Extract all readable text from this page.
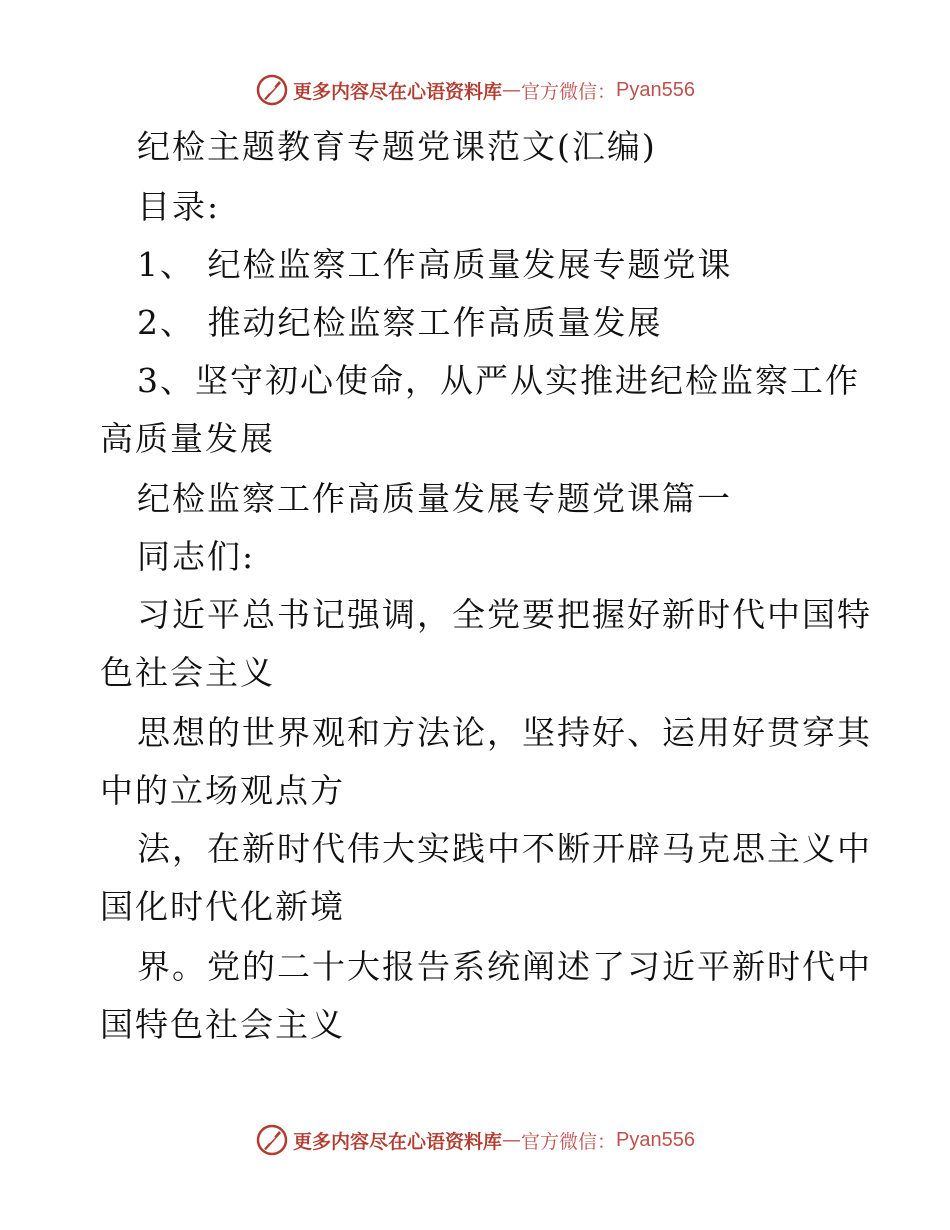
更多内容尽在心语资料库 — 官方微信： Pyan556
纪检主题教育专题党课范文(汇编)
目录:
1、 纪检监察工作高质量发展专题党课
2、 推动纪检监察工作高质量发展
3、坚守初心使命，从严从实推进纪检监察工作
高质量发展
纪检监察工作高质量发展专题党课篇一
同志们:
习近平总书记强调，全党要把握好新时代中国特
色社会主义
思想的世界观和方法论，坚持好、运用好贯穿其
中的立场观点方
法，在新时代伟大实践中不断开辟马克思主义中
国化时代化新境
界。党的二十大报告系统阐述了习近平新时代中
国特色社会主义
更多内容尽在心语资料库 — 官方微信： Pyan556
